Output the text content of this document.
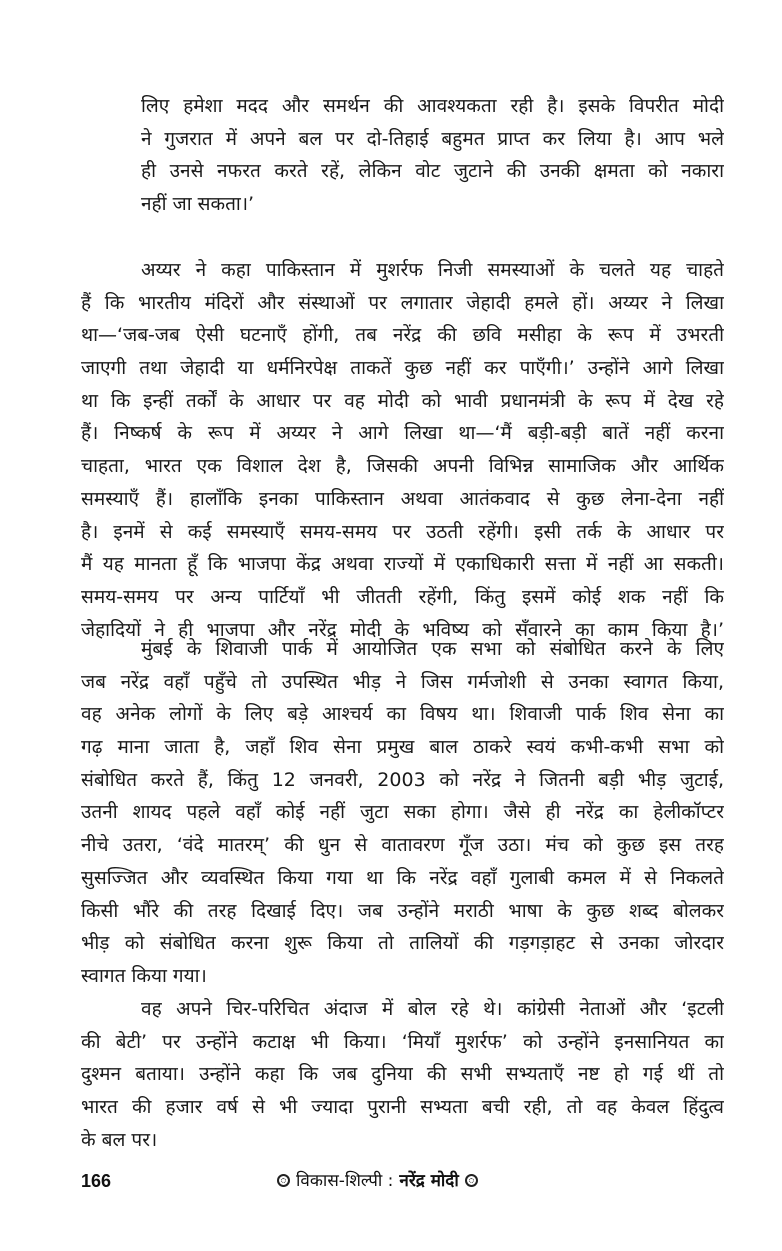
लिए हमेशा मदद और समर्थन की आवश्यकता रही है। इसके विपरीत मोदी
ने गुजरात में अपने बल पर दो-तिहाई बहुमत प्राप्त कर लिया है। आप भले
ही उनसे नफरत करते रहें, लेकिन वोट जुटाने की उनकी क्षमता को नकारा
नहीं जा सकता।’
अय्यर ने कहा पाकिस्तान में मुशर्रफ निजी समस्याओं के चलते यह चाहते
हैं कि भारतीय मंदिरों और संस्थाओं पर लगातार जेहादी हमले हों। अय्यर ने लिखा
था—‘जब-जब ऐसी घटनाएँ होंगी, तब नरेंद्र की छवि मसीहा के रूप में उभरती
जाएगी तथा जेहादी या धर्मनिरपेक्ष ताकतें कुछ नहीं कर पाएँगी।’ उन्होंने आगे लिखा
था कि इन्हीं तर्कों के आधार पर वह मोदी को भावी प्रधानमंत्री के रूप में देख रहे
हैं। निष्कर्ष के रूप में अय्यर ने आगे लिखा था—‘मैं बड़ी-बड़ी बातें नहीं करना
चाहता, भारत एक विशाल देश है, जिसकी अपनी विभिन्न सामाजिक और आर्थिक
समस्याएँ हैं। हालाँकि इनका पाकिस्तान अथवा आतंकवाद से कुछ लेना-देना नहीं
है। इनमें से कई समस्याएँ समय-समय पर उठती रहेंगी। इसी तर्क के आधार पर
मैं यह मानता हूँ कि भाजपा केंद्र अथवा राज्यों में एकाधिकारी सत्ता में नहीं आ सकती।
समय-समय पर अन्य पार्टियाँ भी जीतती रहेंगी, किंतु इसमें कोई शक नहीं कि
जेहादियों ने ही भाजपा और नरेंद्र मोदी के भविष्य को सँवारने का काम किया है।’
मुंबई के शिवाजी पार्क में आयोजित एक सभा को संबोधित करने के लिए
जब नरेंद्र वहाँ पहुँचे तो उपस्थित भीड़ ने जिस गर्मजोशी से उनका स्वागत किया,
वह अनेक लोगों के लिए बड़े आश्चर्य का विषय था। शिवाजी पार्क शिव सेना का
गढ़ माना जाता है, जहाँ शिव सेना प्रमुख बाल ठाकरे स्वयं कभी-कभी सभा को
संबोधित करते हैं, किंतु 12 जनवरी, 2003 को नरेंद्र ने जितनी बड़ी भीड़ जुटाई,
उतनी शायद पहले वहाँ कोई नहीं जुटा सका होगा। जैसे ही नरेंद्र का हेलीकॉप्टर
नीचे उतरा, ‘वंदे मातरम्’ की धुन से वातावरण गूँज उठा। मंच को कुछ इस तरह
सुसज्जित और व्यवस्थित किया गया था कि नरेंद्र वहाँ गुलाबी कमल में से निकलते
किसी भौंरे की तरह दिखाई दिए। जब उन्होंने मराठी भाषा के कुछ शब्द बोलकर
भीड़ को संबोधित करना शुरू किया तो तालियों की गड़गड़ाहट से उनका जोरदार
स्वागत किया गया।
वह अपने चिर-परिचित अंदाज में बोल रहे थे। कांग्रेसी नेताओं और ‘इटली
की बेटी’ पर उन्होंने कटाक्ष भी किया। ‘मियाँ मुशर्रफ’ को उन्होंने इनसानियत का
दुश्मन बताया। उन्होंने कहा कि जब दुनिया की सभी सभ्यताएँ नष्ट हो गई थीं तो
भारत की हजार वर्ष से भी ज्यादा पुरानी सभ्यता बची रही, तो वह केवल हिंदुत्व
के बल पर।
166	विकास-शिल्पी : नरेंद्र मोदी
